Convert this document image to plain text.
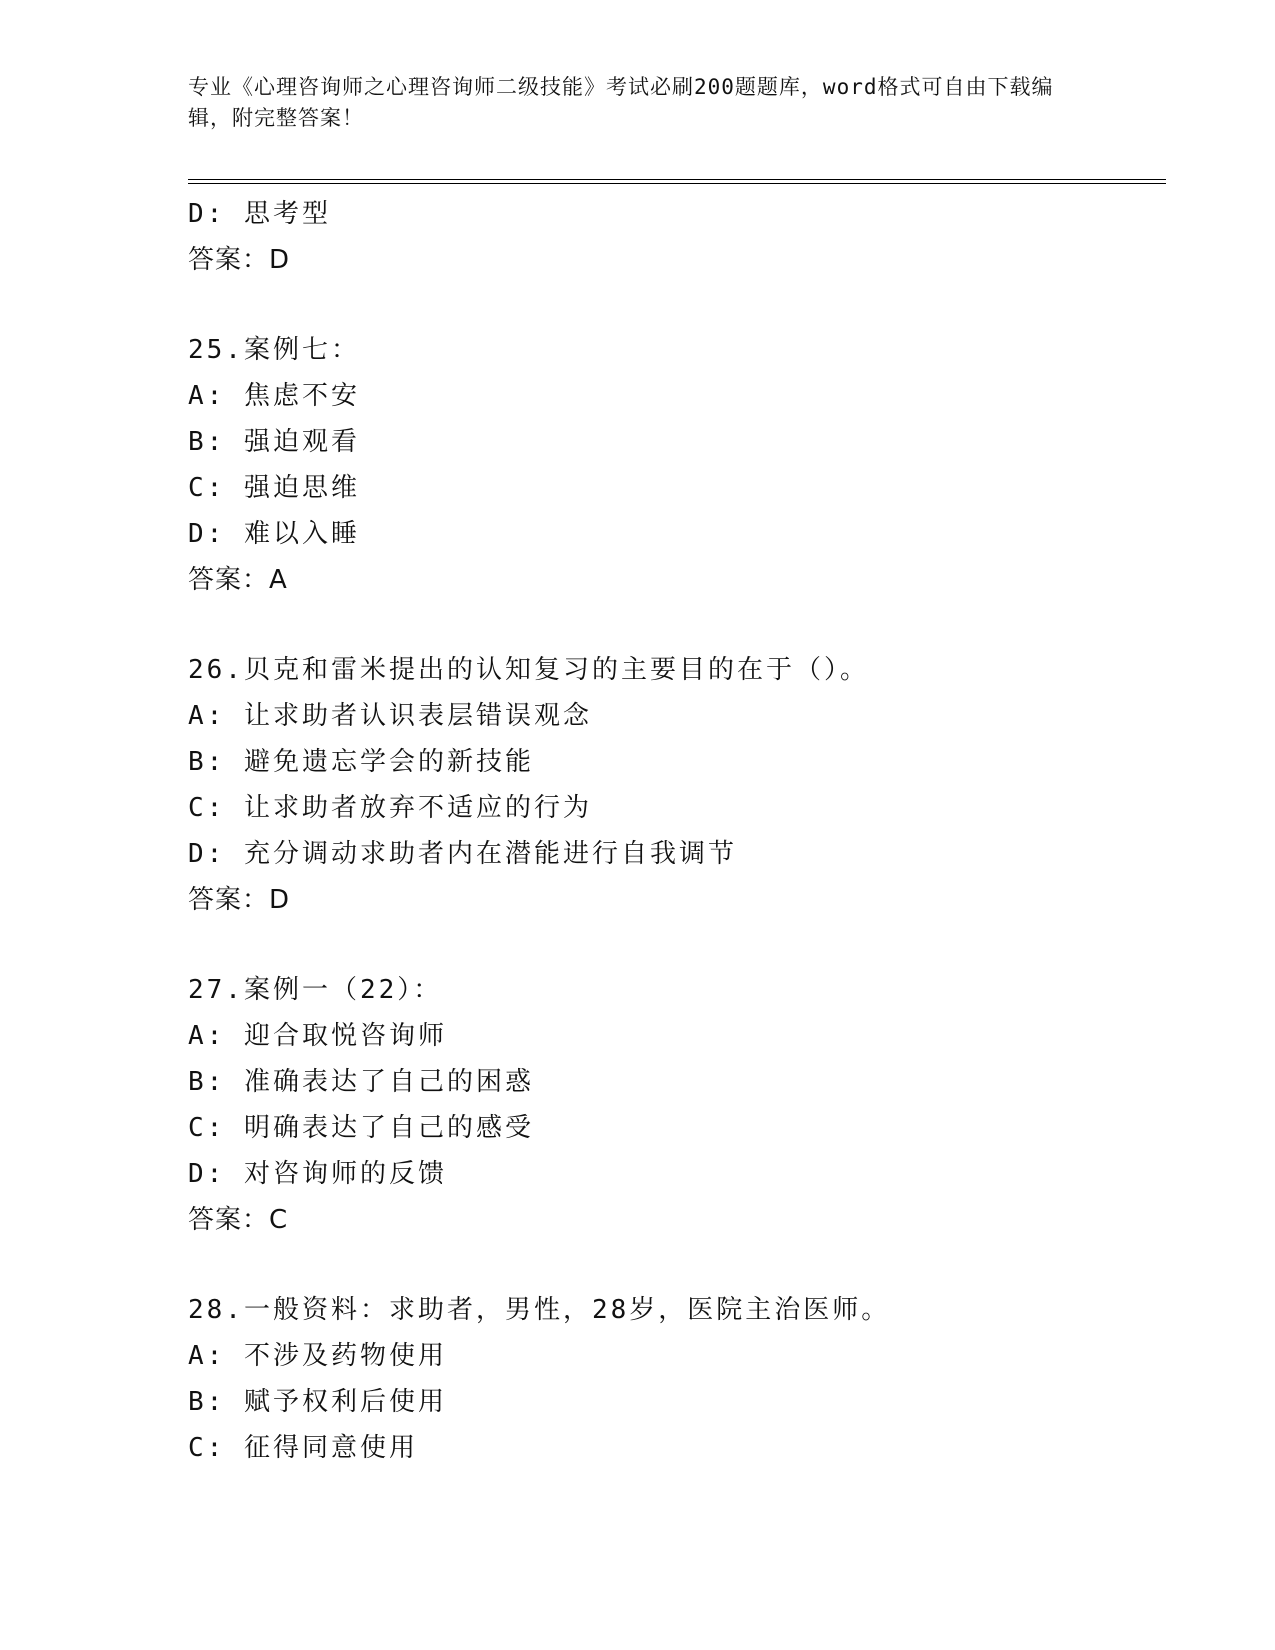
专业《心理咨询师之心理咨询师二级技能》考试必刷200题题库，word格式可自由下载编辑，附完整答案！
D: 思考型
答案：D
25.案例七：
A: 焦虑不安
B: 强迫观看
C: 强迫思维
D: 难以入睡
答案：A
26.贝克和雷米提出的认知复习的主要目的在于（）。
A: 让求助者认识表层错误观念
B: 避免遗忘学会的新技能
C: 让求助者放弃不适应的行为
D: 充分调动求助者内在潜能进行自我调节
答案：D
27.案例一（22）：
A: 迎合取悦咨询师
B: 准确表达了自己的困惑
C: 明确表达了自己的感受
D: 对咨询师的反馈
答案：C
28.一般资料：求助者，男性，28岁，医院主治医师。
A: 不涉及药物使用
B: 赋予权利后使用
C: 征得同意使用
